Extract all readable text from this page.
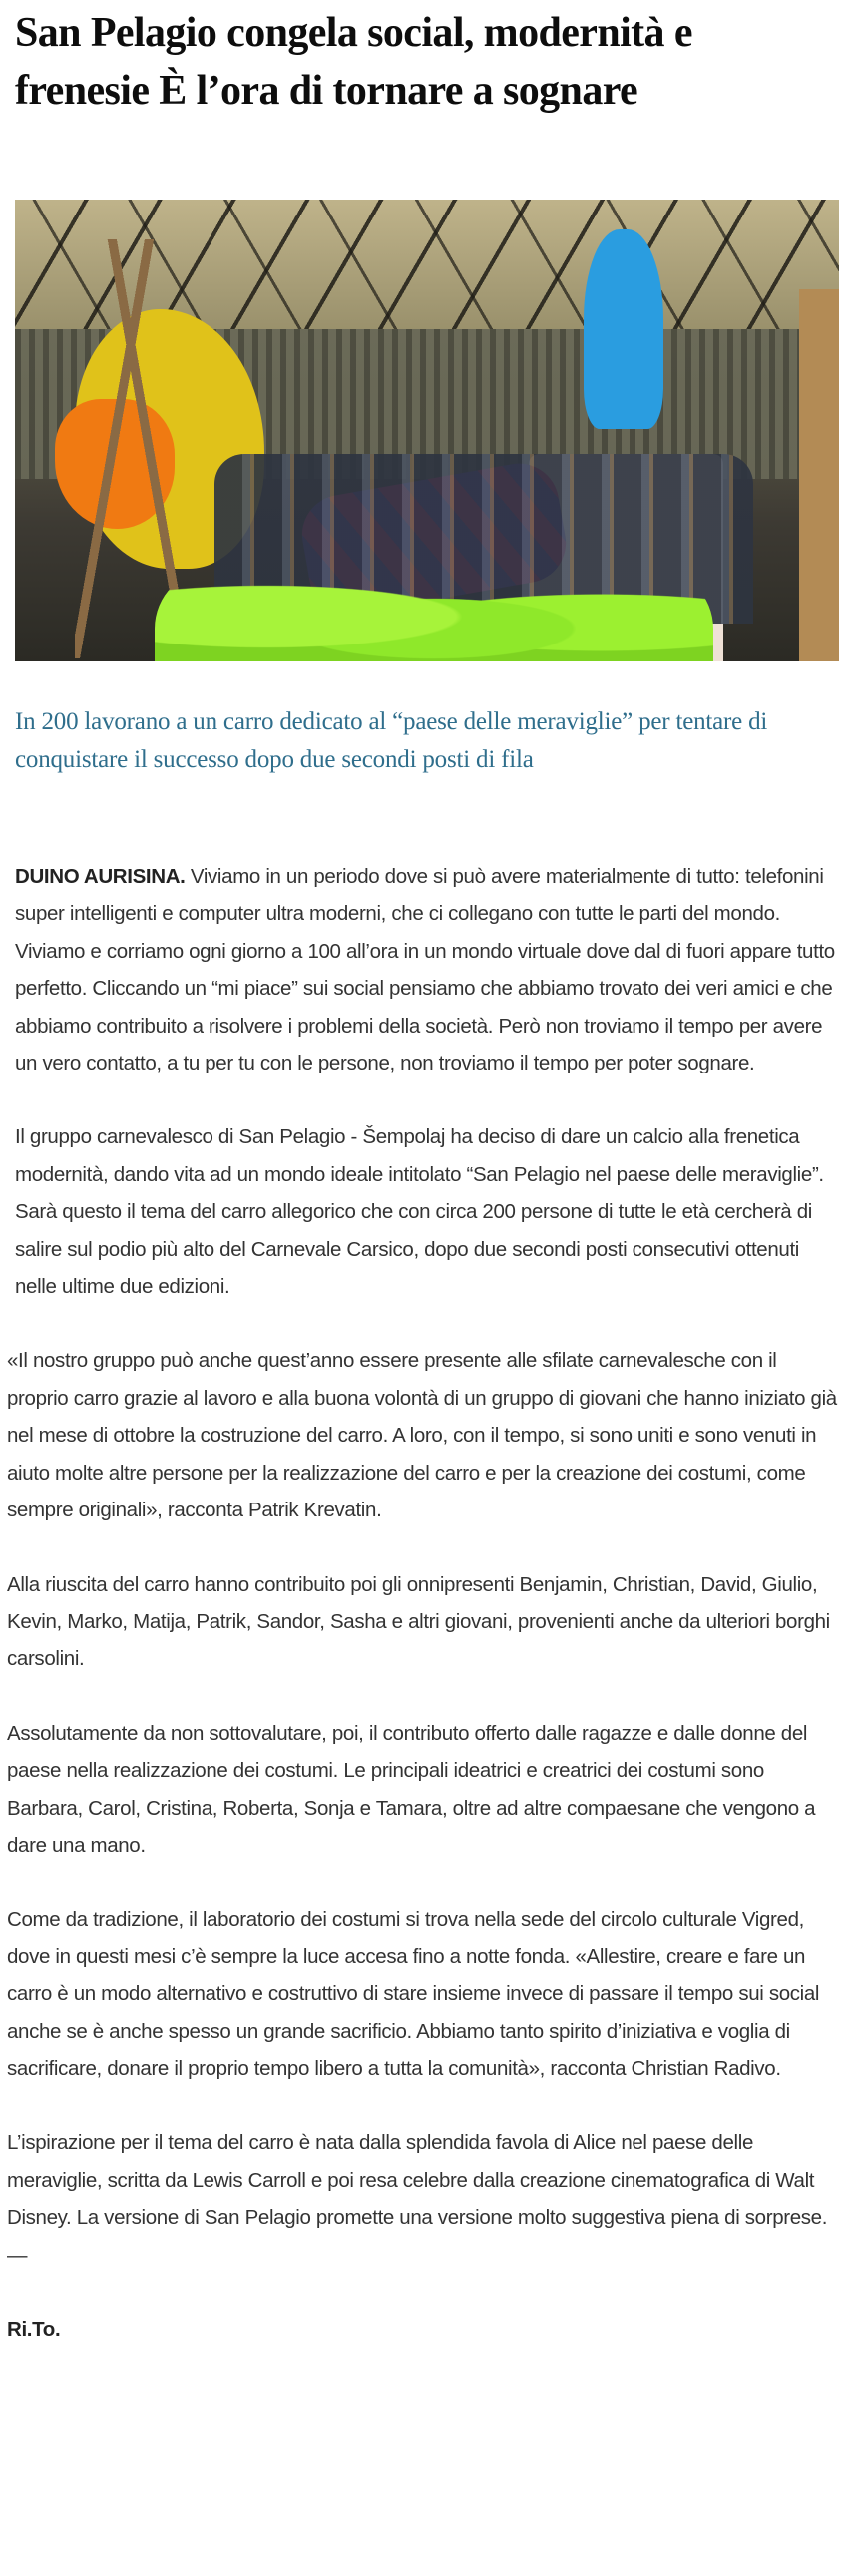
San Pelagio congela social, modernità e frenesie È l’ora di tornare a sognare

In 200 lavorano a un carro dedicato al “paese delle meraviglie” per tentare di conquistare il successo dopo due secondi posti di fila

DUINO AURISINA. Viviamo in un periodo dove si può avere materialmente di tutto: telefonini super intelligenti e computer ultra moderni, che ci collegano con tutte le parti del mondo. Viviamo e corriamo ogni giorno a 100 all’ora in un mondo virtuale dove dal di fuori appare tutto perfetto. Cliccando un “mi piace” sui social pensiamo che abbiamo trovato dei veri amici e che abbiamo contribuito a risolvere i problemi della società. Però non troviamo il tempo per avere un vero contatto, a tu per tu con le persone, non troviamo il tempo per poter sognare.

Il gruppo carnevalesco di San Pelagio - Šempolaj ha deciso di dare un calcio alla frenetica modernità, dando vita ad un mondo ideale intitolato “San Pelagio nel paese delle meraviglie”. Sarà questo il tema del carro allegorico che con circa 200 persone di tutte le età cercherà di salire sul podio più alto del Carnevale Carsico, dopo due secondi posti consecutivi ottenuti nelle ultime due edizioni.

«Il nostro gruppo può anche quest’anno essere presente alle sfilate carnevalesche con il proprio carro grazie al lavoro e alla buona volontà di un gruppo di giovani che hanno iniziato già nel mese di ottobre la costruzione del carro. A loro, con il tempo, si sono uniti e sono venuti in aiuto molte altre persone per la realizzazione del carro e per la creazione dei costumi, come sempre originali», racconta Patrik Krevatin.

Alla riuscita del carro hanno contribuito poi gli onnipresenti Benjamin, Christian, David, Giulio, Kevin, Marko, Matija, Patrik, Sandor, Sasha e altri giovani, provenienti anche da ulteriori borghi carsolini.

Assolutamente da non sottovalutare, poi, il contributo offerto dalle ragazze e dalle donne del paese nella realizzazione dei costumi. Le principali ideatrici e creatrici dei costumi sono Barbara, Carol, Cristina, Roberta, Sonja e Tamara, oltre ad altre compaesane che vengono a dare una mano.

Come da tradizione, il laboratorio dei costumi si trova nella sede del circolo culturale Vigred, dove in questi mesi c’è sempre la luce accesa fino a notte fonda. «Allestire, creare e fare un carro è un modo alternativo e costruttivo di stare insieme invece di passare il tempo sui social anche se è anche spesso un grande sacrificio. Abbiamo tanto spirito d’iniziativa e voglia di sacrificare, donare il proprio tempo libero a tutta la comunità», racconta Christian Radivo.

L’ispirazione per il tema del carro è nata dalla splendida favola di Alice nel paese delle meraviglie, scritta da Lewis Carroll e poi resa celebre dalla creazione cinematografica di Walt Disney. La versione di San Pelagio promette una versione molto suggestiva piena di sorprese. —

Ri.To.
